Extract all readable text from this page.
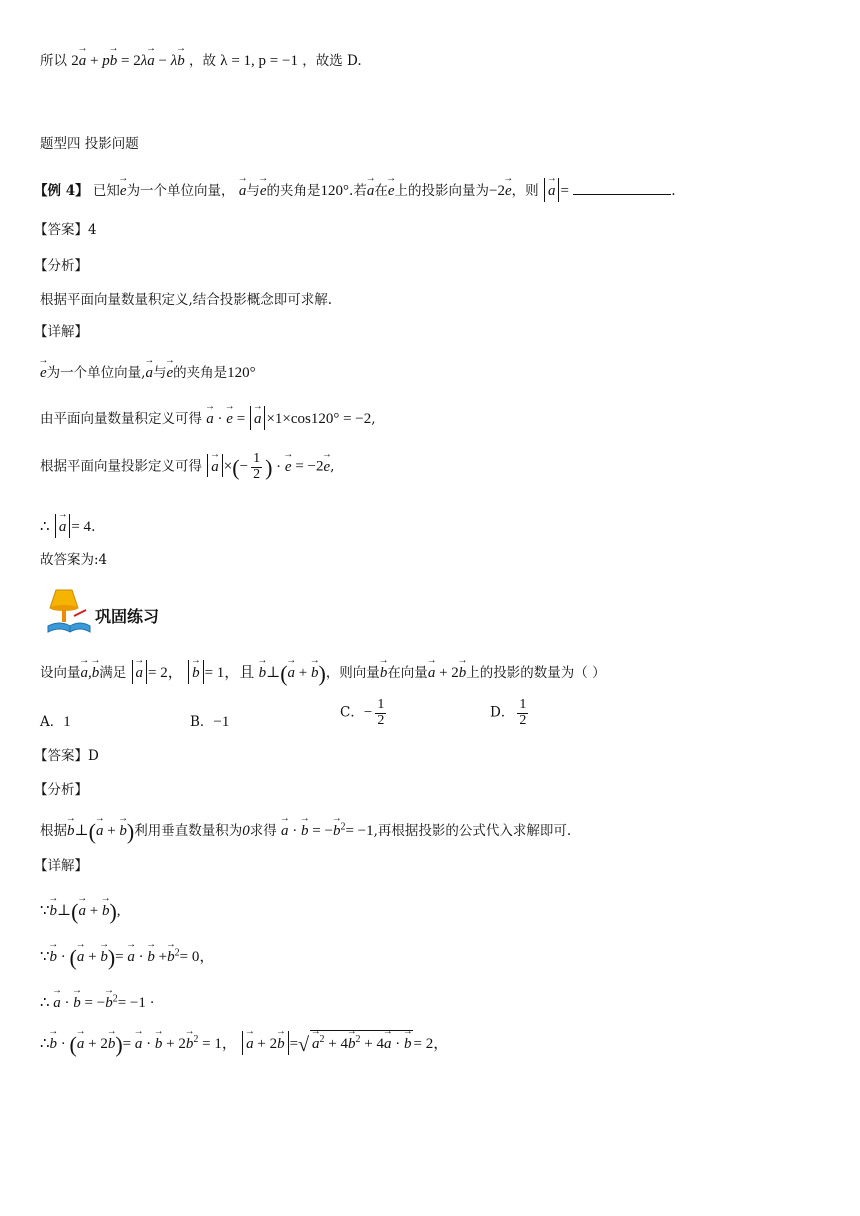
所以 2→ a + p→ b = 2λ→ a − λ→ b ，故 λ = 1, p = −1 ，故选 D.
题型四 投影问题
【例 4】 已知→ e为一个单位向量， → a与→ e的夹角是120°.若→ a在→ e上的投影向量为−2→ e，则 → a =	.
【答案】4
【分析】
根据平面向量数量积定义,结合投影概念即可求解.
【详解】
→ e为一个单位向量,→ a与→ e的夹角是120°
由平面向量数量积定义可得 → a · → e = → a ×1×cos120° = −2,
根据平面向量投影定义可得 → a ×(− $\frac{1}{2}$ ) · → e = −2→ e,
∴ → a = 4.
故答案为:4
巩固练习
设向量→ a,→ b满足 → a = 2， → b = 1，且 → b⊥(→ a + → b)，则向量→ b在向量→ a + 2→ b上的投影的数量为（ ）
A．1	B．−1
C．− $\frac{1}{2}$	D． $\frac{1}{2}$
【答案】D
【分析】
根据→ b⊥(→ a + → b)利用垂直数量积为0求得 → a · → b = −→ $b^2= -1$,再根据投影的公式代入求解即可.
【详解】
∵→ b⊥(→ a + → b),
∵→ b · (→ a + → b)= → a · → $b +\to b^2= 0$，
∴ → a · → b = −→ $b^2= -1$ ·
∴→ b · (→ a + 2→ b)= → a · → $b + 2\to b^2 = 1$， → a + 2→ b =√ → $a^2 + 4\to b^2 + 4\to a$ · → b = 2，
